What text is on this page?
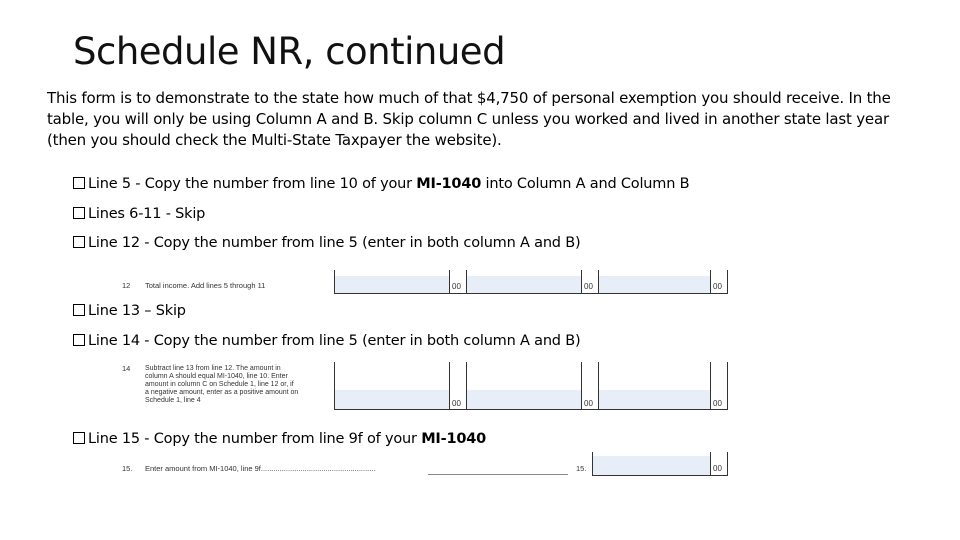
Schedule NR, continued
This form is to demonstrate to the state how much of that $4,750 of personal exemption you should receive. In the table, you will only be using Column A and B. Skip column C unless you worked and lived in another state last year (then you should check the Multi-State Taxpayer the website).
Line 5 - Copy the number from line 10 of your MI-1040 into Column A and Column B
Lines 6-11 - Skip
Line 12 - Copy the number from line 5 (enter in both column A and B)
12 Total income. Add lines 5 through 11	00	00	00
Line 13 – Skip
Line 14 - Copy the number from line 5 (enter in both column A and B)
14 Subtract line 13 from line 12. The amount in
column A should equal MI-1040, line 10. Enter
amount in column C on Schedule 1, line 12 or, if
a negative amount, enter as a positive amount on
Schedule 1, line 4	00	00	00
Line 15 - Copy the number from line 9f of your MI-1040
15. Enter amount from MI-1040, line 9f.......................................................	15.	00
